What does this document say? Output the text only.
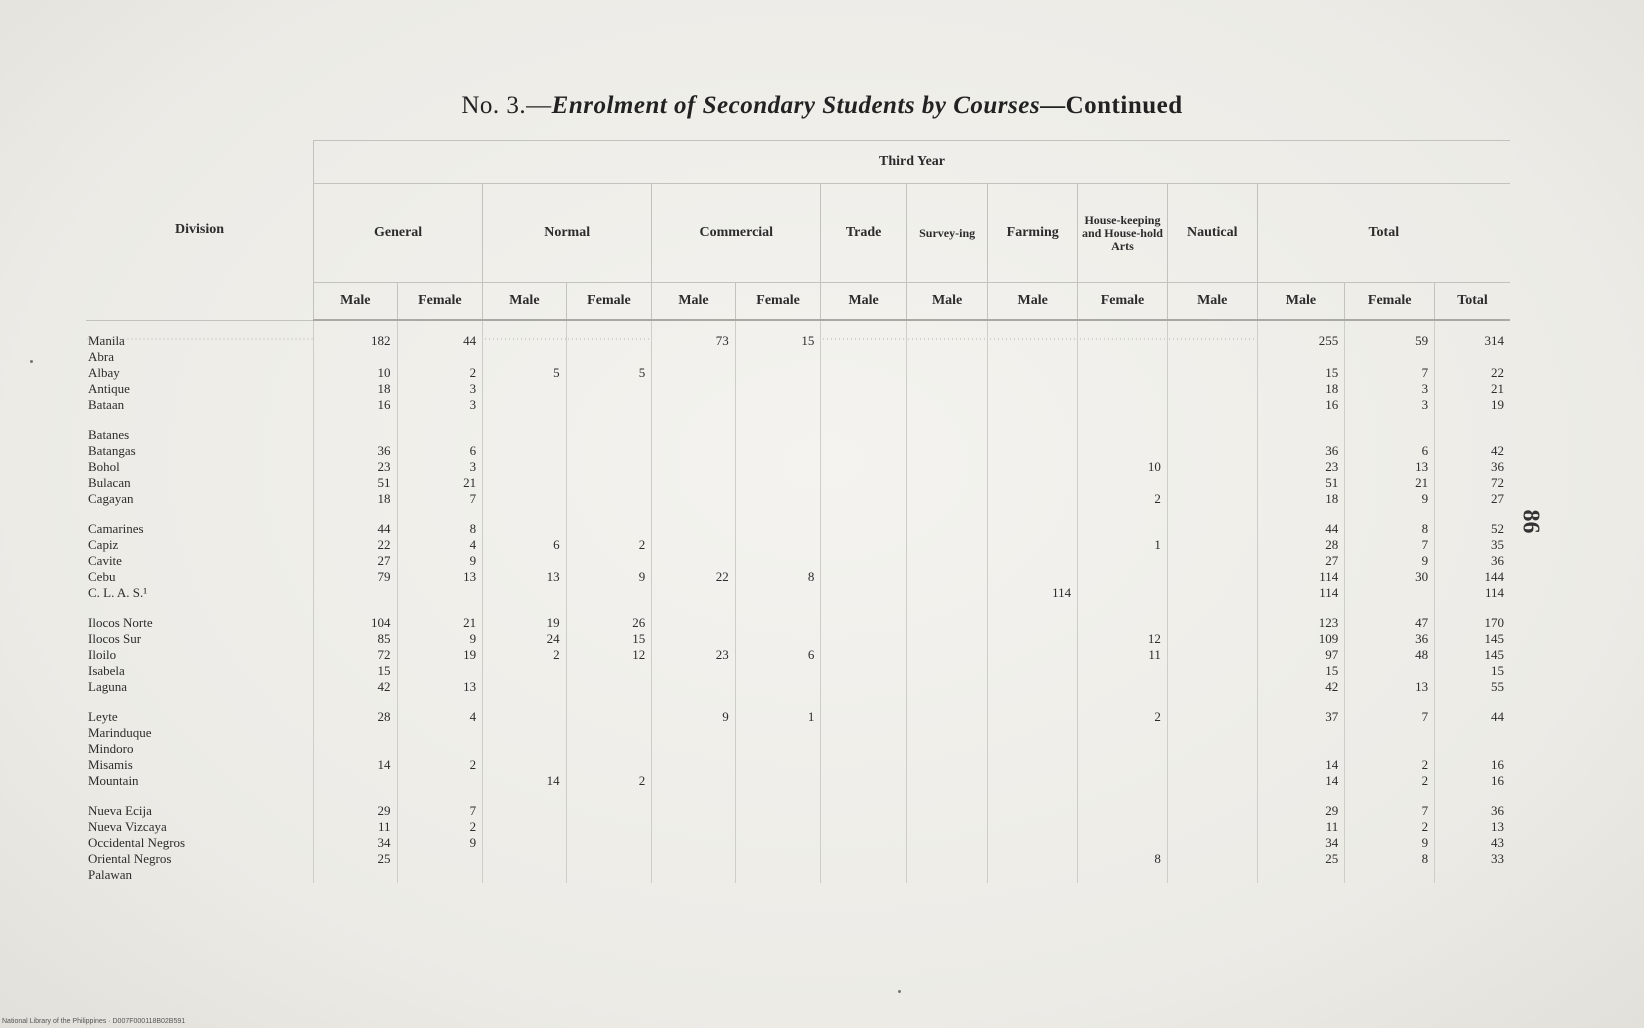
No. 3.—Enrolment of Secondary Students by Courses—Continued
Division	Third Year													
	General		Normal		Commercial		Trade	Survey-ing	Farming	House-keeping and House-hold Arts	Nautical	Total		
	Male	Female	Male	Female	Male	Female	Male	Male	Male	Female	Male	Male	Female	Total
Manila	182	44			73	15						255	59	314
Abra														
Albay	10	2	5	5								15	7	22
Antique	18	3										18	3	21
Bataan	16	3										16	3	19

Batanes														
Batangas	36	6										36	6	42
Bohol	23	3								10		23	13	36
Bulacan	51	21										51	21	72
Cagayan	18	7								2		18	9	27

Camarines	44	8										44	8	52
Capiz	22	4	6	2						1		28	7	35
Cavite	27	9										27	9	36
Cebu	79	13	13	9	22	8						114	30	144
C. L. A. S.¹									114			114		114

Ilocos Norte	104	21	19	26								123	47	170
Ilocos Sur	85	9	24	15						12		109	36	145
Iloilo	72	19	2	12	23	6				11		97	48	145
Isabela	15											15		15
Laguna	42	13										42	13	55

Leyte	28	4			9	1				2		37	7	44
Marinduque														
Mindoro														
Misamis	14	2										14	2	16
Mountain			14	2								14	2	16

Nueva Ecija	29	7										29	7	36
Nueva Vizcaya	11	2										11	2	13
Occidental Negros	34	9										34	9	43
Oriental Negros	25									8		25	8	33
Palawan														
86
National Library of the Philippines · D007F000118B02B591
